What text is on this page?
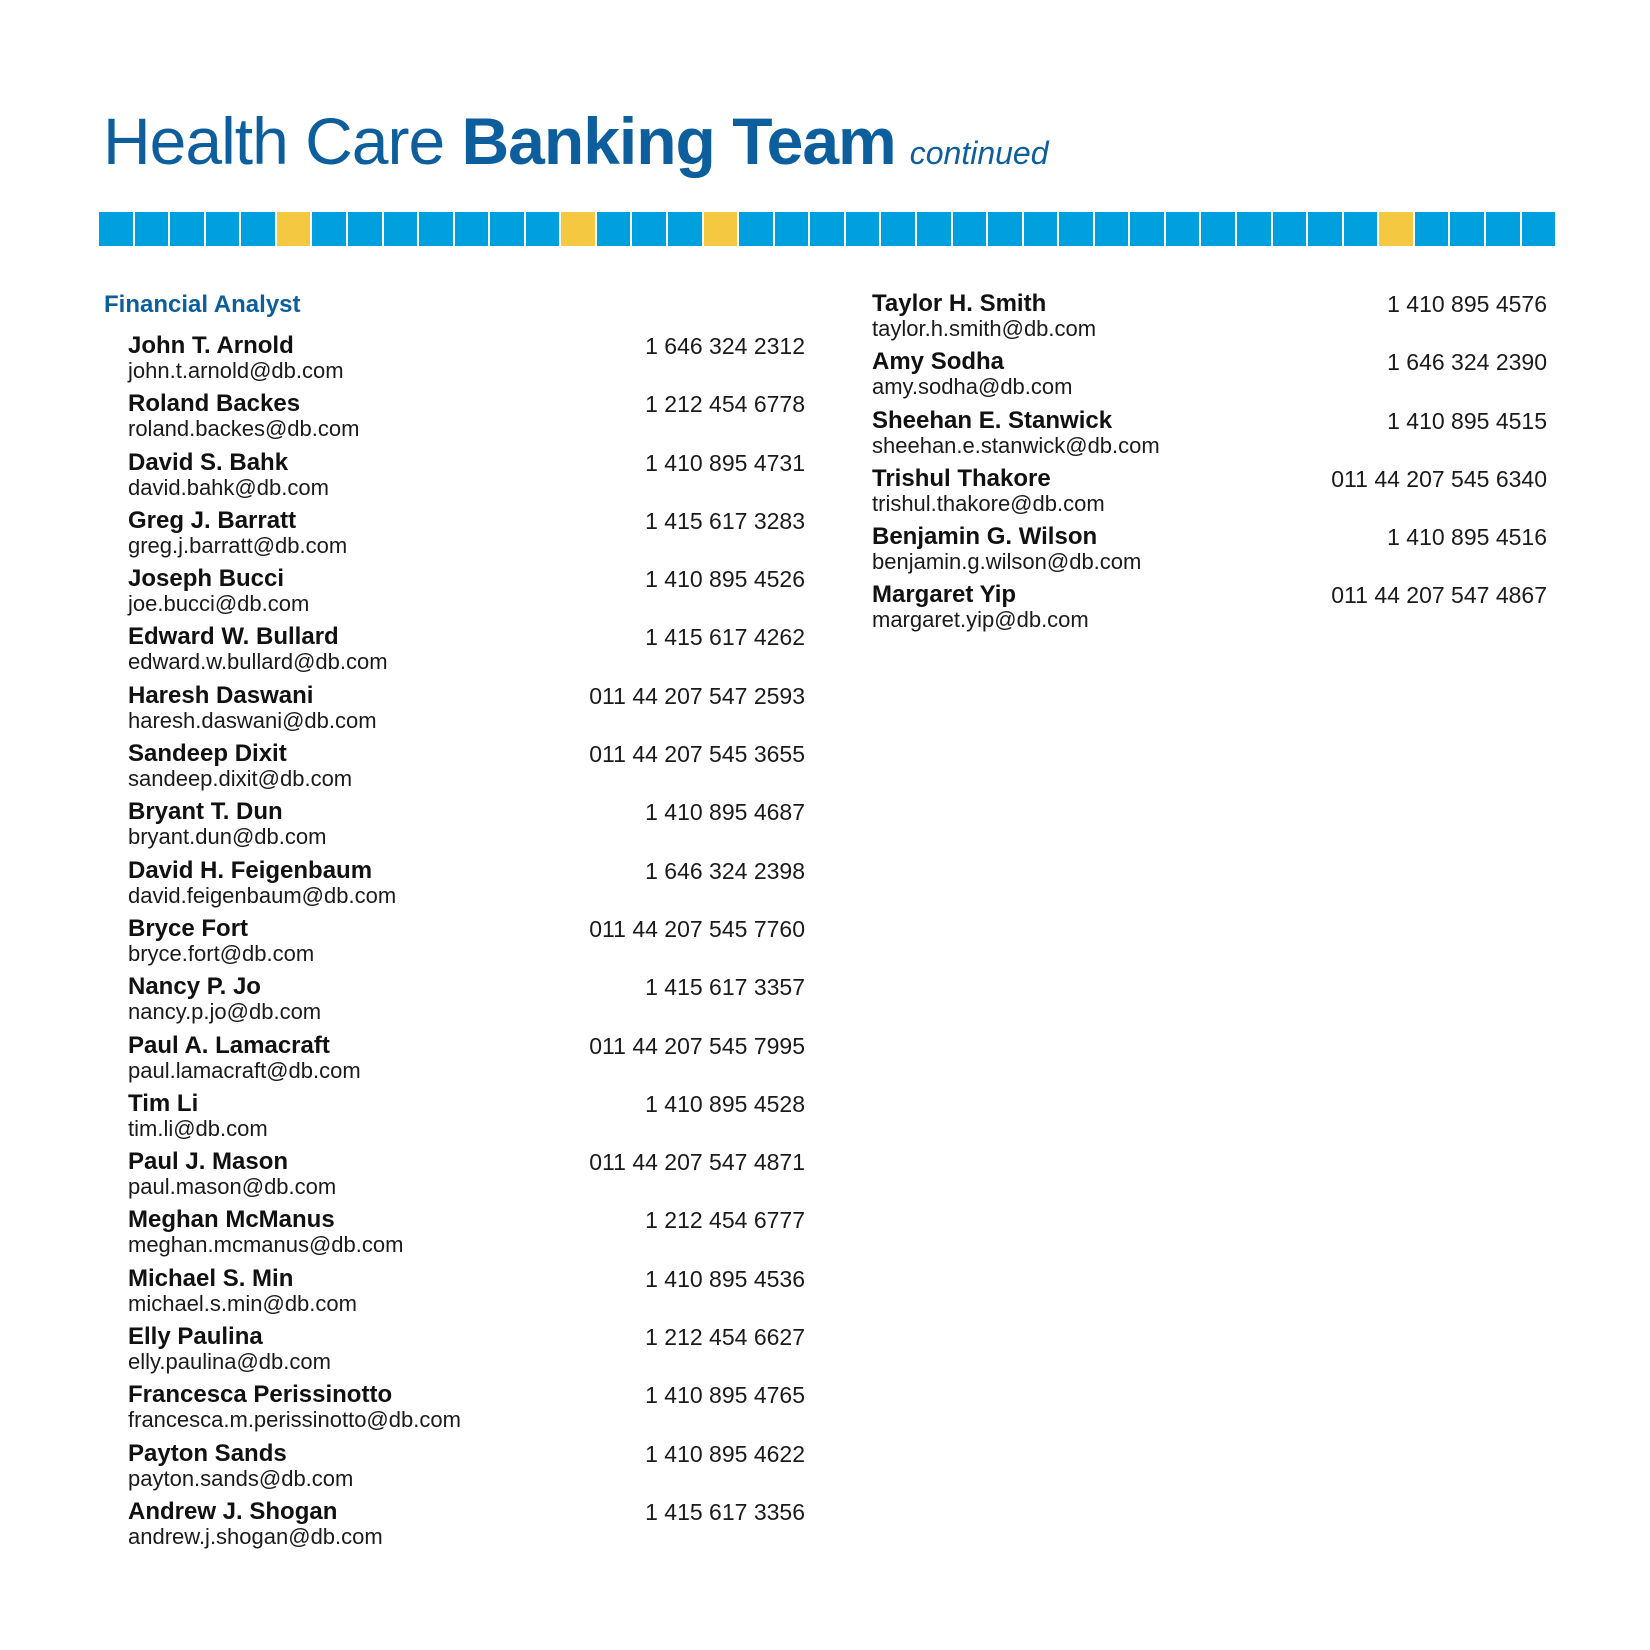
Health Care Banking Team continued
Financial Analyst
John T. Arnold	1 646 324 2312
john.t.arnold@db.com
Roland Backes	1 212 454 6778
roland.backes@db.com
David S. Bahk	1 410 895 4731
david.bahk@db.com
Greg J. Barratt	1 415 617 3283
greg.j.barratt@db.com
Joseph Bucci	1 410 895 4526
joe.bucci@db.com
Edward W. Bullard	1 415 617 4262
edward.w.bullard@db.com
Haresh Daswani	011 44 207 547 2593
haresh.daswani@db.com
Sandeep Dixit	011 44 207 545 3655
sandeep.dixit@db.com
Bryant T. Dun	1 410 895 4687
bryant.dun@db.com
David H. Feigenbaum	1 646 324 2398
david.feigenbaum@db.com
Bryce Fort	011 44 207 545 7760
bryce.fort@db.com
Nancy P. Jo	1 415 617 3357
nancy.p.jo@db.com
Paul A. Lamacraft	011 44 207 545 7995
paul.lamacraft@db.com
Tim Li	1 410 895 4528
tim.li@db.com
Paul J. Mason	011 44 207 547 4871
paul.mason@db.com
Meghan McManus	1 212 454 6777
meghan.mcmanus@db.com
Michael S. Min	1 410 895 4536
michael.s.min@db.com
Elly Paulina	1 212 454 6627
elly.paulina@db.com
Francesca Perissinotto	1 410 895 4765
francesca.m.perissinotto@db.com
Payton Sands	1 410 895 4622
payton.sands@db.com
Andrew J. Shogan	1 415 617 3356
andrew.j.shogan@db.com
Taylor H. Smith	1 410 895 4576
taylor.h.smith@db.com
Amy Sodha	1 646 324 2390
amy.sodha@db.com
Sheehan E. Stanwick	1 410 895 4515
sheehan.e.stanwick@db.com
Trishul Thakore	011 44 207 545 6340
trishul.thakore@db.com
Benjamin G. Wilson	1 410 895 4516
benjamin.g.wilson@db.com
Margaret Yip	011 44 207 547 4867
margaret.yip@db.com
